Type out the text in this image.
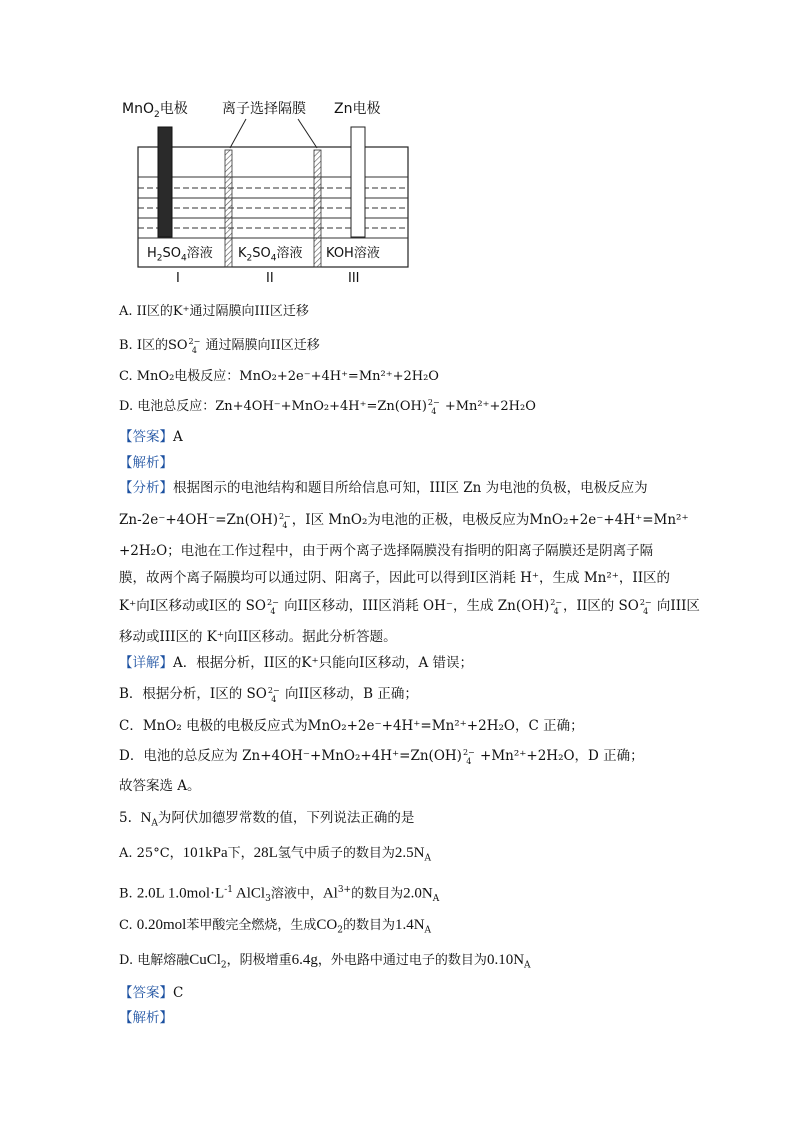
MnO$_2$电极 离子选择隔膜 Zn电极
$H_2SO_4$溶液 $K_2SO_4$溶液 KOH溶液
I	II	III
A. II区的K⁺通过隔膜向III区迁移
B. I区的SO 2−
4 通过隔膜向II区迁移
C. MnO₂电极反应：MnO₂+2e⁻+4H⁺=Mn²⁺+2H₂O
D. 电池总反应：Zn+4OH⁻+MnO₂+4H⁺=Zn(OH) 2−
4 +Mn²⁺+2H₂O
【答案】A
【解析】
【分析】根据图示的电池结构和题目所给信息可知，III区 Zn 为电池的负极，电极反应为
Zn-2e⁻+4OH⁻=Zn(OH) 2−
4 ，I区 MnO₂为电池的正极，电极反应为MnO₂+2e⁻+4H⁺=Mn²⁺
+2H₂O；电池在工作过程中，由于两个离子选择隔膜没有指明的阳离子隔膜还是阴离子隔
膜，故两个离子隔膜均可以通过阴、阳离子，因此可以得到I区消耗 H⁺，生成 Mn²⁺，II区的
K⁺向I区移动或I区的 SO 2−
4 向II区移动，III区消耗 OH⁻，生成 Zn(OH) 2−
4 ，II区的 SO 2−
4 向III区
移动或III区的 K⁺向II区移动。据此分析答题。
【详解】A．根据分析，II区的K⁺只能向I区移动，A 错误；
B．根据分析，I区的 SO 2−
4 向II区移动，B 正确；
C．MnO₂ 电极的电极反应式为MnO₂+2e⁻+4H⁺=Mn²⁺+2H₂O，C 正确；
D．电池的总反应为 Zn+4OH⁻+MnO₂+4H⁺=Zn(OH) 2−
4 +Mn²⁺+2H₂O，D 正确；
故答案选 A。
5. $N_A$为阿伏加德罗常数的值，下列说法正确的是
A. 25°C，101kPa下，28L氢气中质子的数目为$2.5N_A$
B. 2.0L $1.0mol\cdot L^{-1}$ AlCl$_3$溶液中，$Al^{3+}$的数目为$2.0N_A$
C. 0.20mol苯甲酸完全燃烧，生成$CO_2$的数目为$1.4N_A$
D. 电解熔融CuCl$_2$，阴极增重6.4g，外电路中通过电子的数目为$0.10N_A$
【答案】C
【解析】
